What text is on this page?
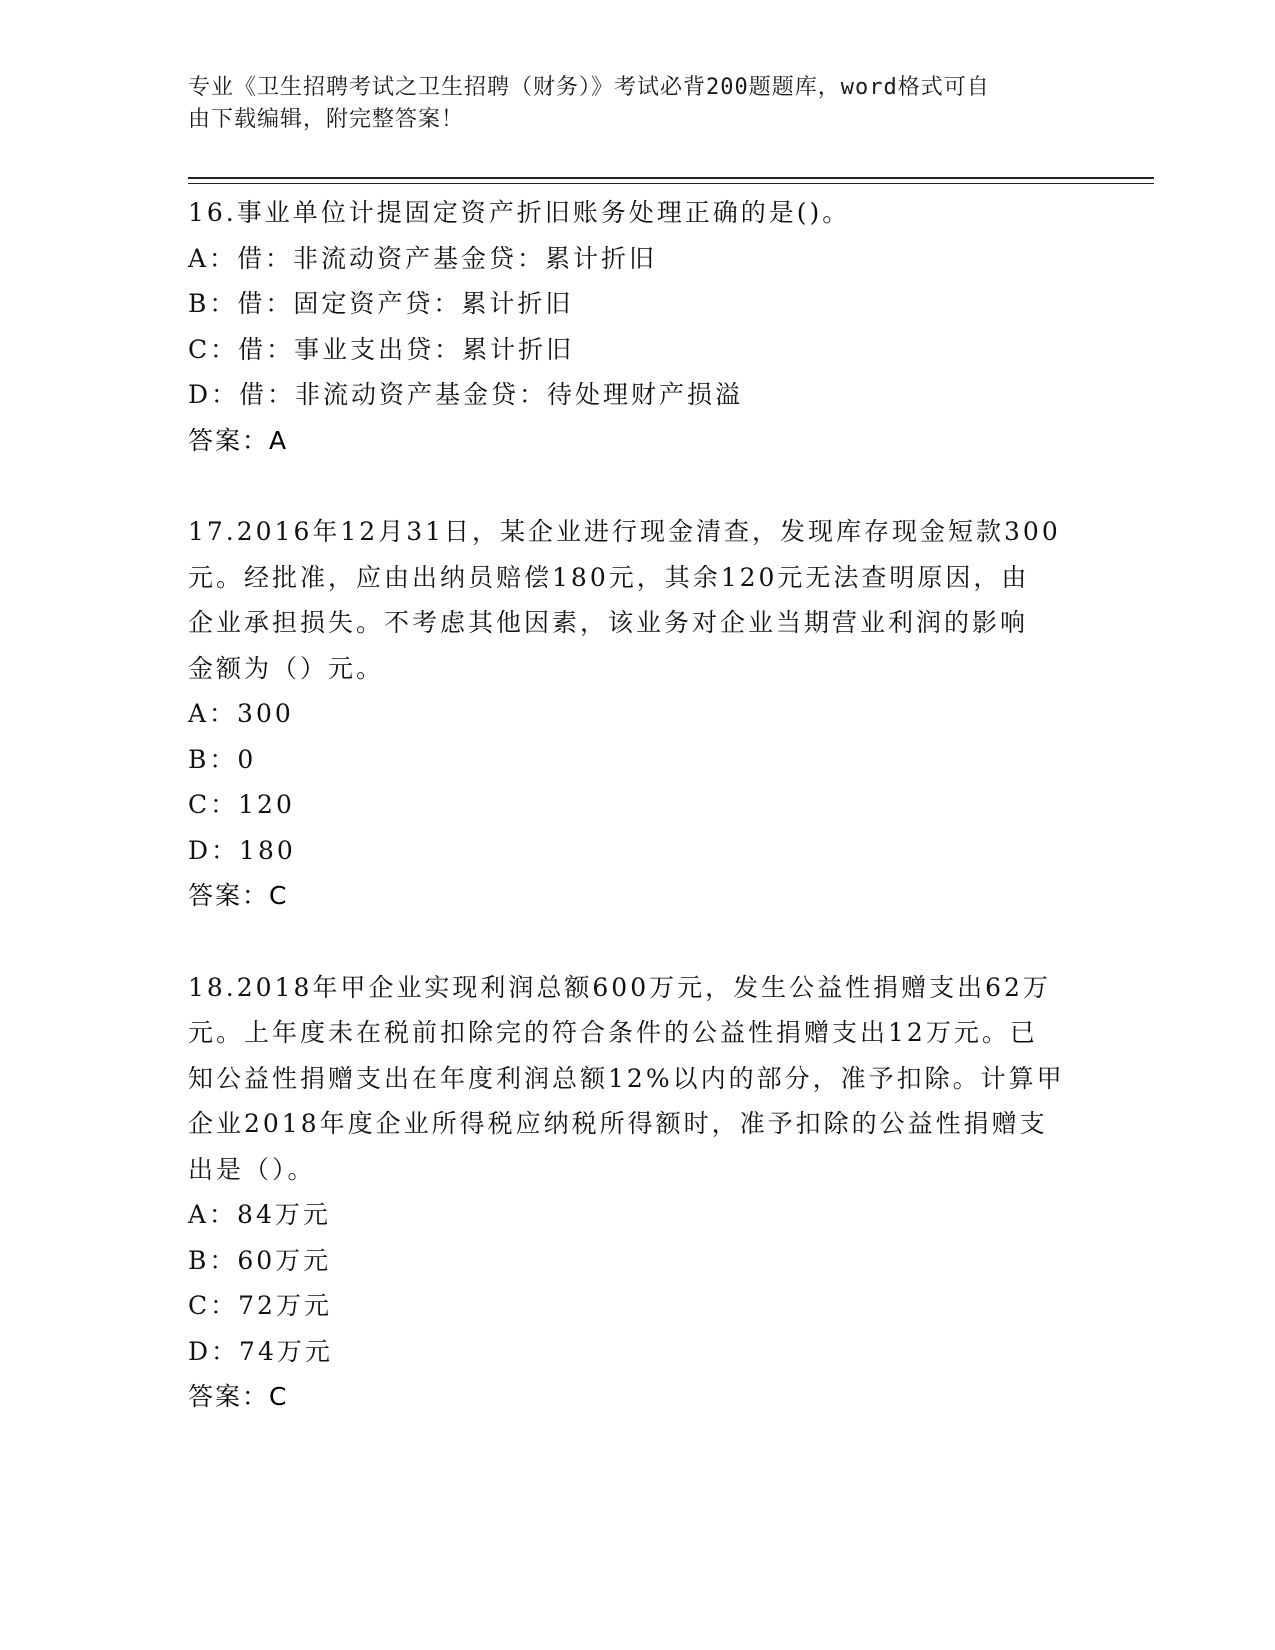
专业《卫生招聘考试之卫生招聘（财务）》考试必背200题题库，word格式可自
由下载编辑，附完整答案！
16.事业单位计提固定资产折旧账务处理正确的是()。
A：借：非流动资产基金贷：累计折旧
B：借：固定资产贷：累计折旧
C：借：事业支出贷：累计折旧
D：借：非流动资产基金贷：待处理财产损溢
答案：A
17.2016年12月31日，某企业进行现金清查，发现库存现金短款300
元。经批准，应由出纳员赔偿180元，其余120元无法查明原因，由
企业承担损失。不考虑其他因素，该业务对企业当期营业利润的影响
金额为（）元。
A：300
B：0
C：120
D：180
答案：C
18.2018年甲企业实现利润总额600万元，发生公益性捐赠支出62万
元。上年度未在税前扣除完的符合条件的公益性捐赠支出12万元。已
知公益性捐赠支出在年度利润总额12%以内的部分，准予扣除。计算甲
企业2018年度企业所得税应纳税所得额时，准予扣除的公益性捐赠支
出是（）。
A：84万元
B：60万元
C：72万元
D：74万元
答案：C
